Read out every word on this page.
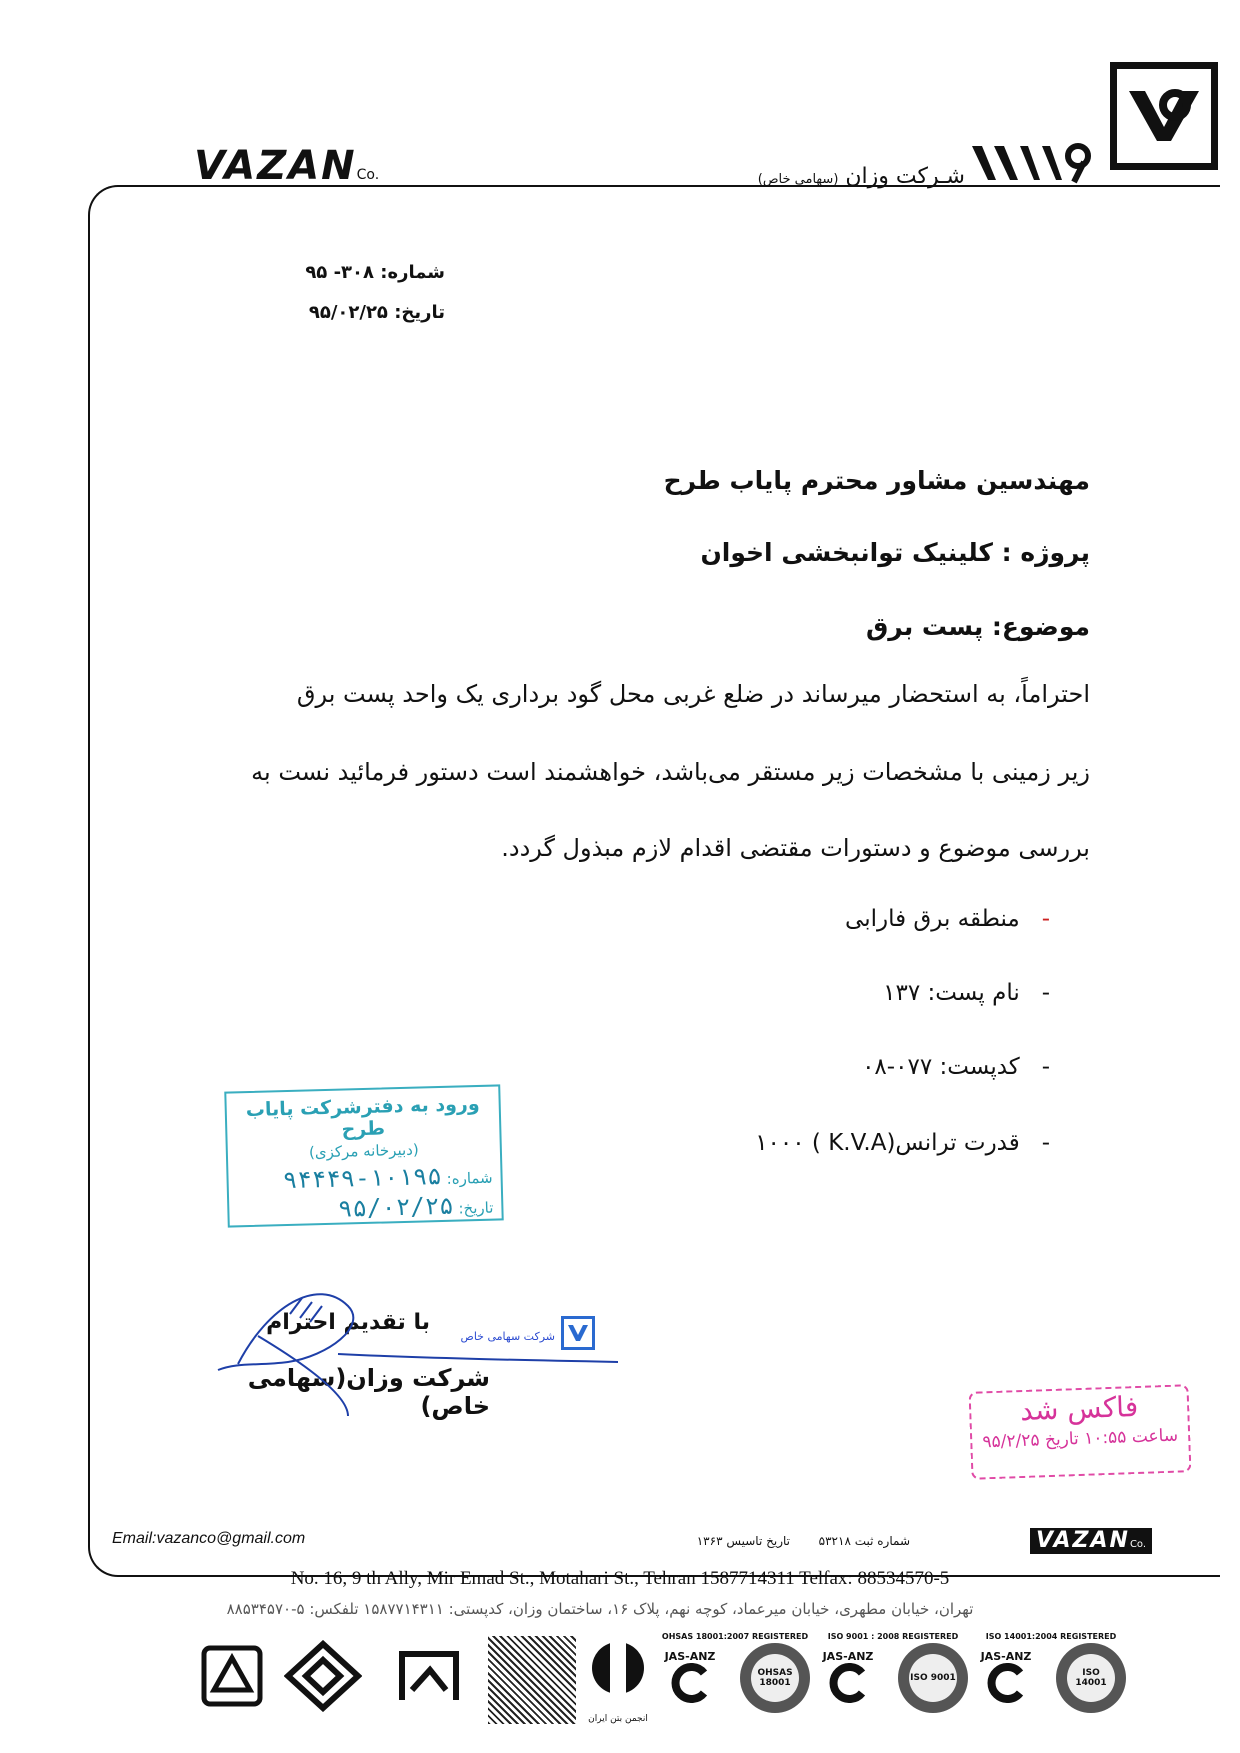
VAZANCo.	شـرکت وزان (سهامی خاص)
شماره: ۳۰۸- ۹۵
تاریخ: ۹۵/۰۲/۲۵
مهندسین مشاور محترم پایاب طرح
پروژه : کلینیک توانبخشی اخوان
موضوع: پست برق
احتراماً، به استحضار میرساند در ضلع غربی محل گود برداری یک واحد پست برق
زیر زمینی با مشخصات زیر مستقر می‌باشد، خواهشمند است دستور فرمائید نست به
بررسی موضوع و دستورات مقتضی اقدام لازم مبذول گردد.
-   منطقه برق فارابی
-   نام پست: ۱۳۷
-   کدپست: ۰۷۷-۰۸
-   قدرت ترانس(K.V.A ) ۱۰۰۰
ورود به دفترشرکت پایاب طرح
(دبیرخانه مرکزی)
شماره: ۱۰۱۹۵-۹۴۴۴۹
تاریخ: ۹۵/۰۲/۲۵
با تقدیم احترام
شرکت وزان(سهامی خاص)
شرکت سهامی خاص
فاکس شد
ساعت ۱۰:۵۵ تاریخ ۹۵/۲/۲۵
Email:vazanco@gmail.com	شماره ثبت ۵۳۲۱۸
تاریخ تاسیس ۱۳۶۳	VAZANCo.
No. 16, 9 th Ally, Mir Emad St., Motahari St., Tehran 1587714311 Telfax: 88534570-5
تهران، خیابان مطهری، خیابان میرعماد، کوچه نهم، پلاک ۱۶، ساختمان وزان، کدپستی: ۱۵۸۷۷۱۴۳۱۱ تلفکس: ۵-۸۸۵۳۴۵۷۰
انجمن بتن ایران
OHSAS 18001:2007 REGISTERED
JAS-ANZ
OHSAS 18001
ISO 9001 : 2008 REGISTERED
JAS-ANZ
ISO 9001
ISO 14001:2004 REGISTERED
JAS-ANZ
ISO 14001
